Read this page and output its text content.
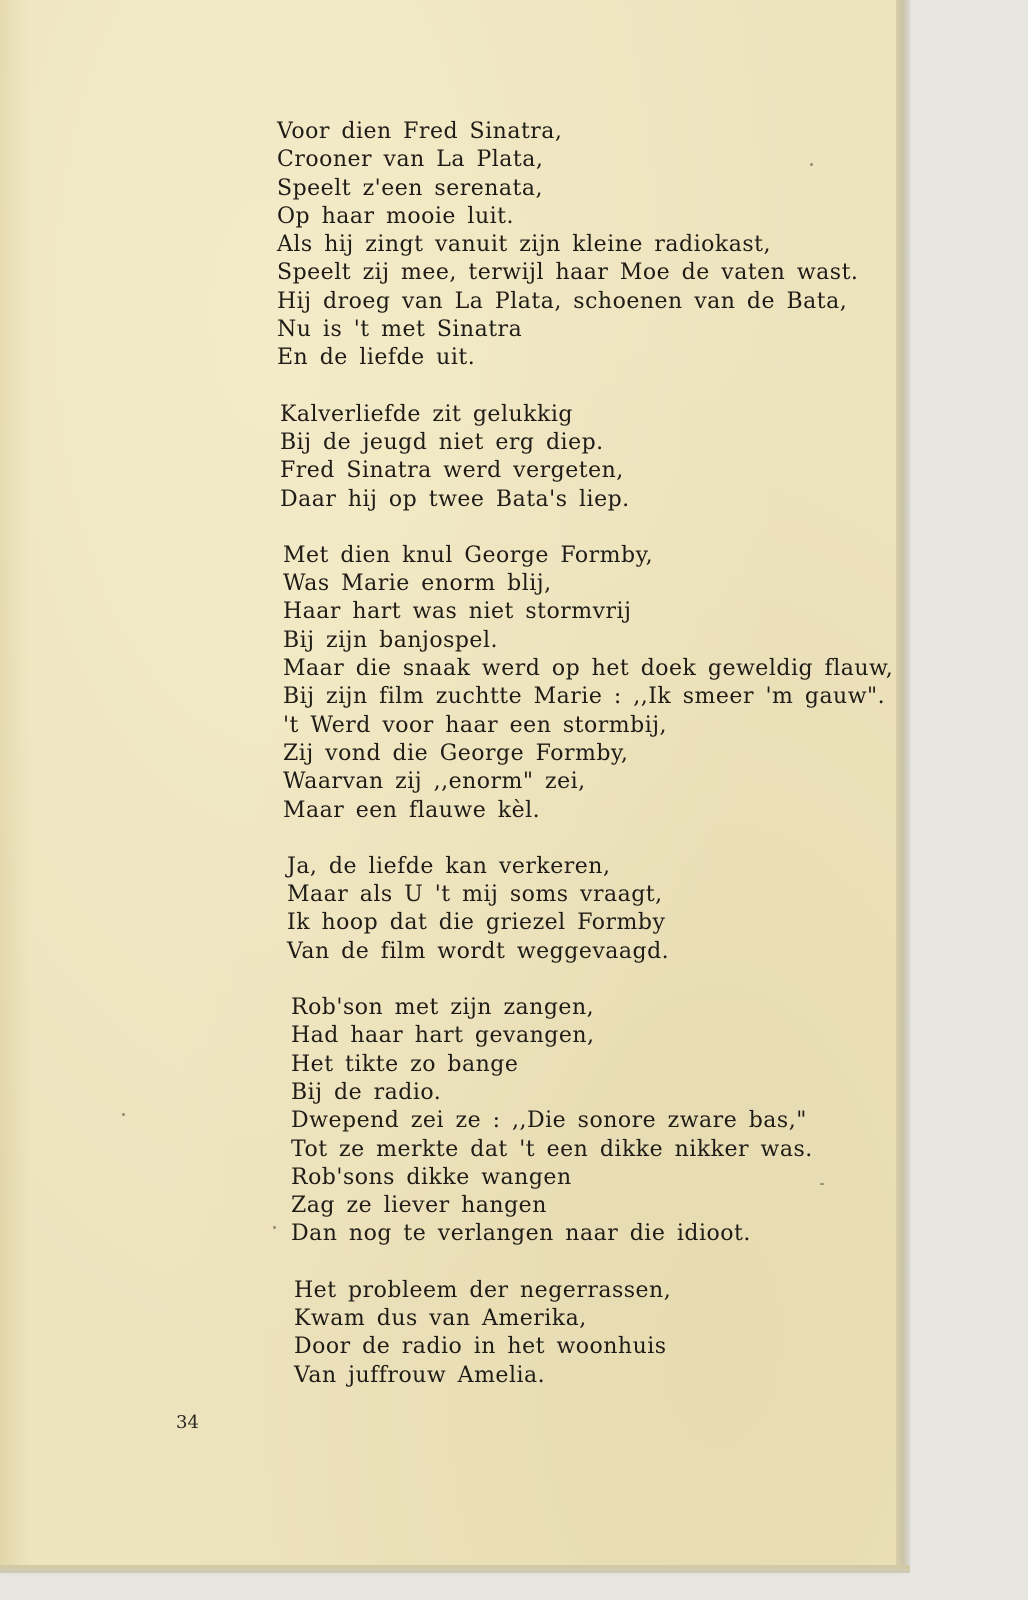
Voor dien Fred Sinatra,
Crooner van La Plata,
Speelt z'een serenata,
Op haar mooie luit.
Als hij zingt vanuit zijn kleine radiokast,
Speelt zij mee, terwijl haar Moe de vaten wast.
Hij droeg van La Plata, schoenen van de Bata,
Nu is 't met Sinatra
En de liefde uit.
Kalverliefde zit gelukkig
Bij de jeugd niet erg diep.
Fred Sinatra werd vergeten,
Daar hij op twee Bata's liep.
Met dien knul George Formby,
Was Marie enorm blij,
Haar hart was niet stormvrij
Bij zijn banjospel.
Maar die snaak werd op het doek geweldig flauw,
Bij zijn film zuchtte Marie : ,,Ik smeer 'm gauw".
't Werd voor haar een stormbij,
Zij vond die George Formby,
Waarvan zij ,,enorm" zei,
Maar een flauwe kèl.
Ja, de liefde kan verkeren,
Maar als U 't mij soms vraagt,
Ik hoop dat die griezel Formby
Van de film wordt weggevaagd.
Rob'son met zijn zangen,
Had haar hart gevangen,
Het tikte zo bange
Bij de radio.
Dwepend zei ze : ,,Die sonore zware bas,"
Tot ze merkte dat 't een dikke nikker was.
Rob'sons dikke wangen
Zag ze liever hangen
Dan nog te verlangen naar die idioot.
Het probleem der negerrassen,
Kwam dus van Amerika,
Door de radio in het woonhuis
Van juffrouw Amelia.
34
